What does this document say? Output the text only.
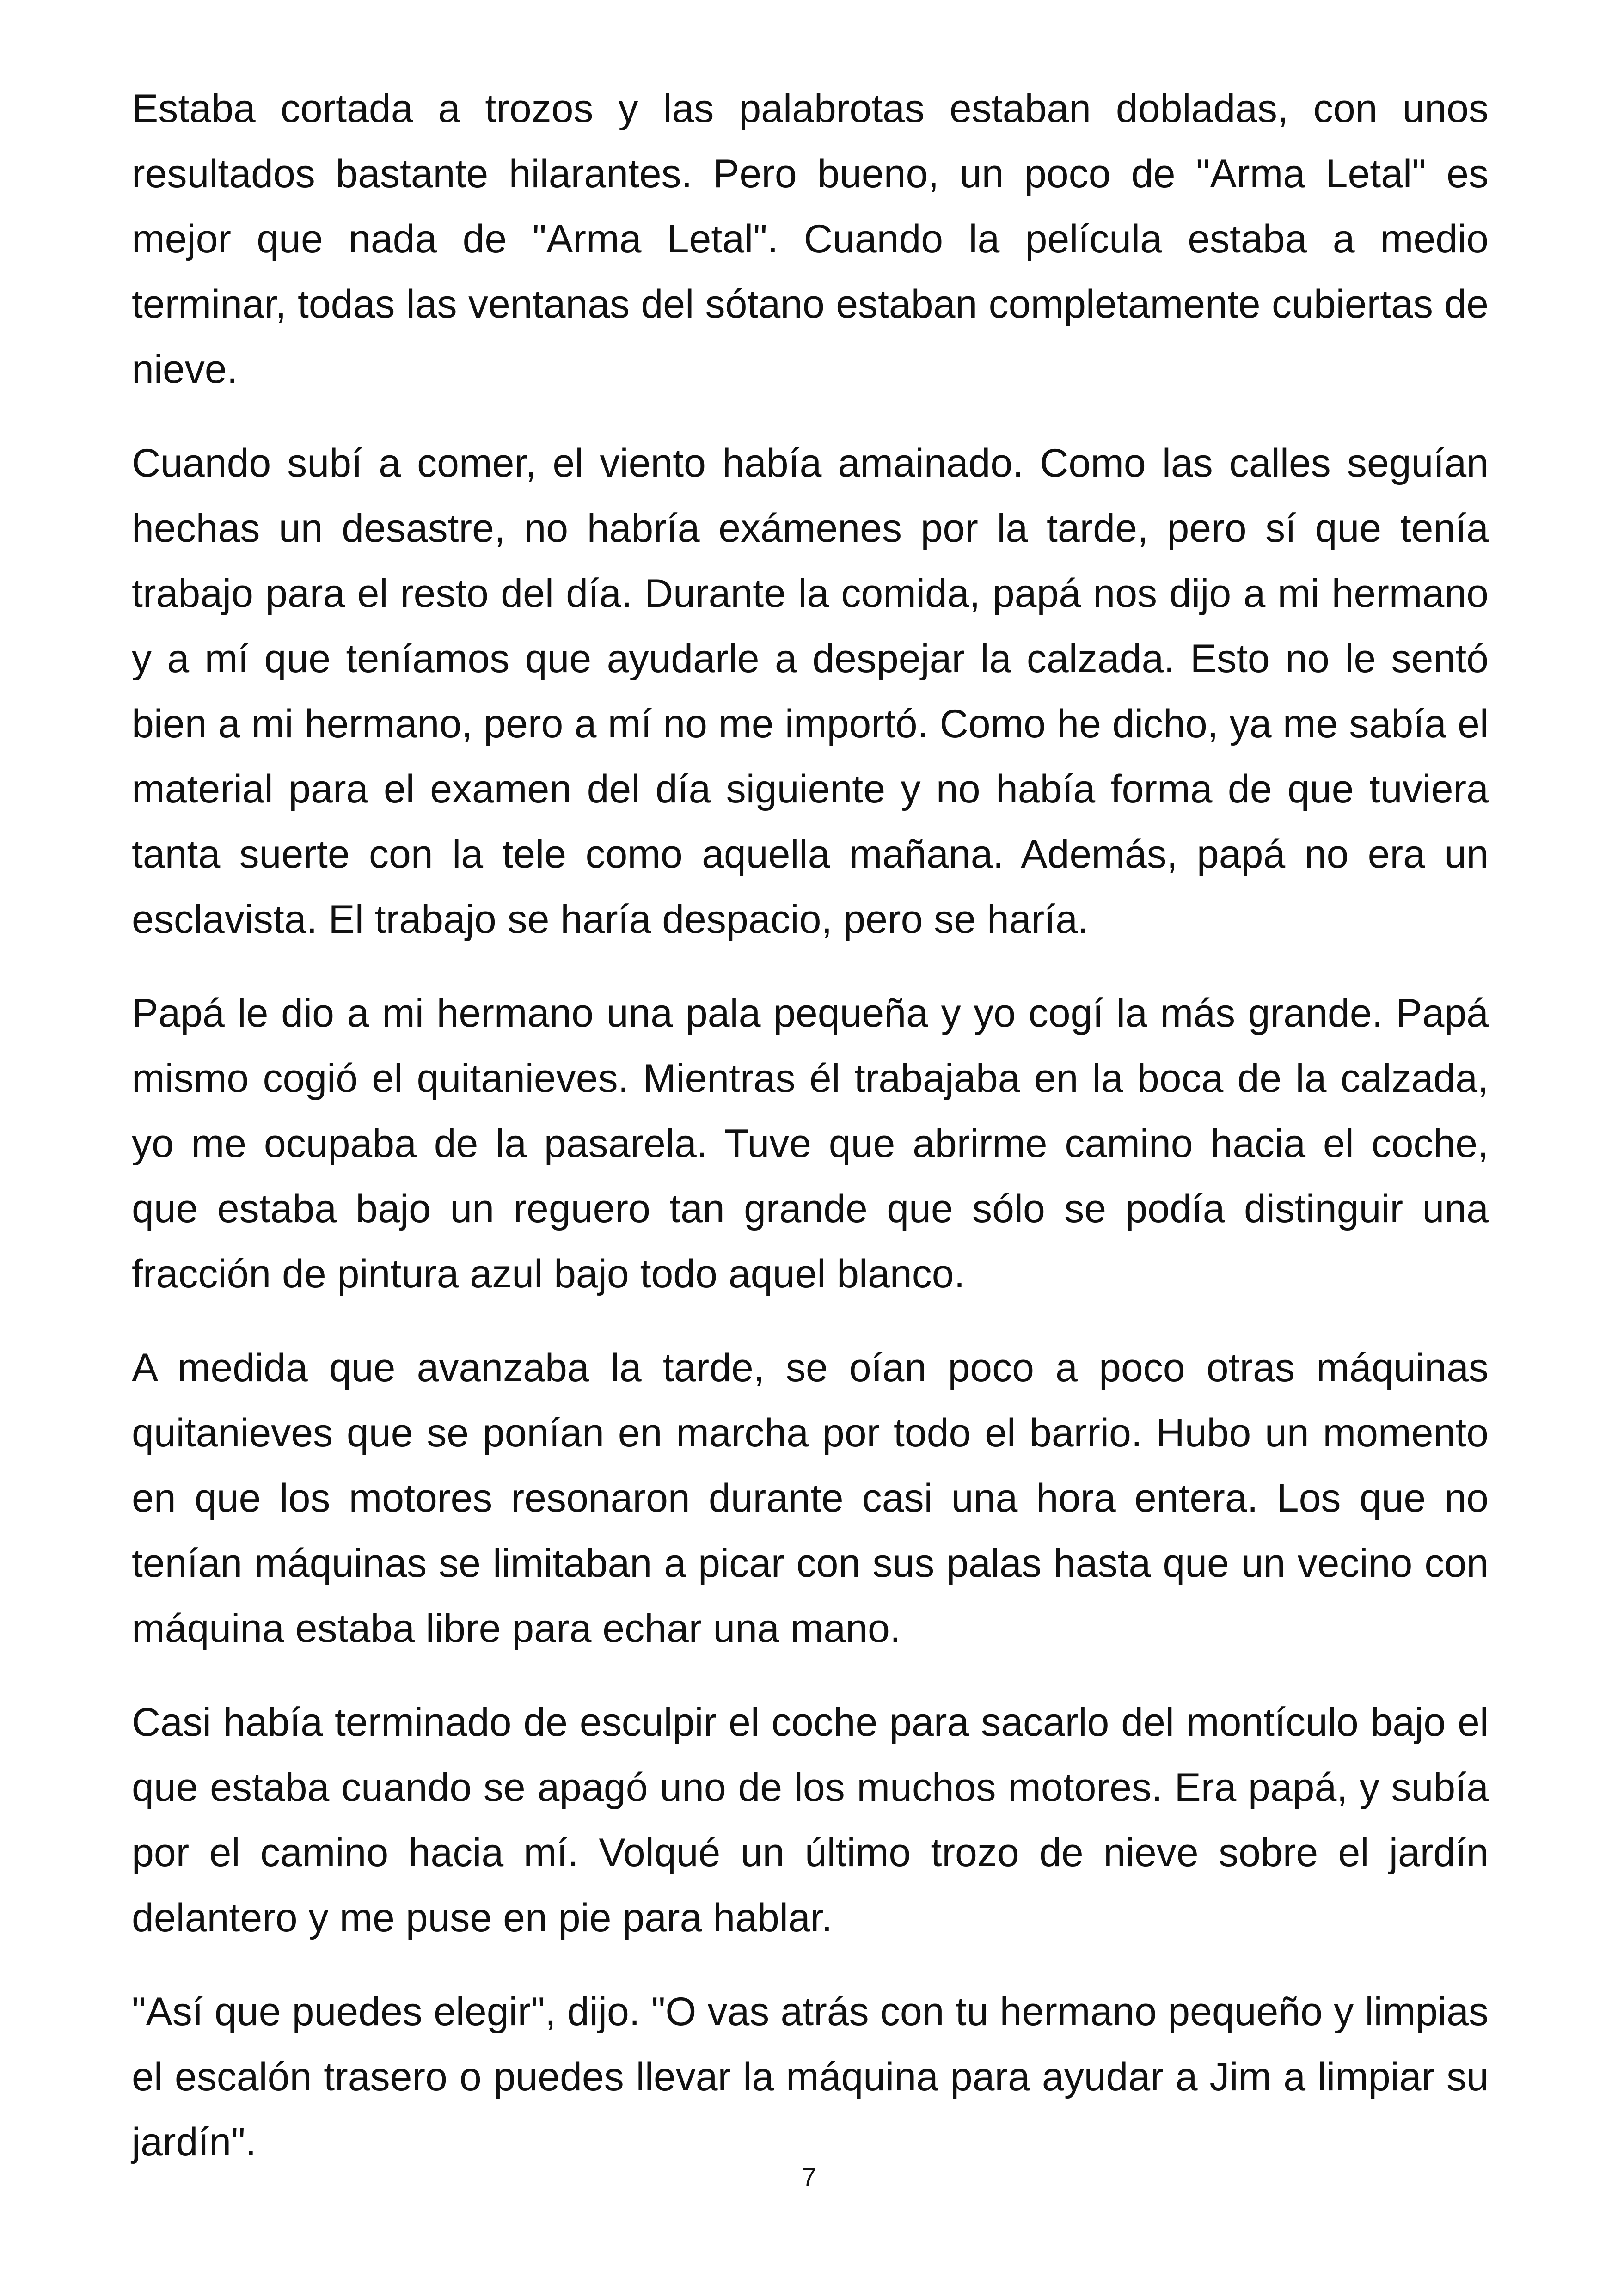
Estaba cortada a trozos y las palabrotas estaban dobladas, con unos resultados bastante hilarantes. Pero bueno, un poco de "Arma Letal" es mejor que nada de "Arma Letal". Cuando la película estaba a medio terminar, todas las ventanas del sótano estaban completamente cubiertas de nieve.

Cuando subí a comer, el viento había amainado. Como las calles seguían hechas un desastre, no habría exámenes por la tarde, pero sí que tenía trabajo para el resto del día. Durante la comida, papá nos dijo a mi hermano y a mí que teníamos que ayudarle a despejar la calzada. Esto no le sentó bien a mi hermano, pero a mí no me importó. Como he dicho, ya me sabía el material para el examen del día siguiente y no había forma de que tuviera tanta suerte con la tele como aquella mañana. Además, papá no era un esclavista. El trabajo se haría despacio, pero se haría.

Papá le dio a mi hermano una pala pequeña y yo cogí la más grande. Papá mismo cogió el quitanieves. Mientras él trabajaba en la boca de la calzada, yo me ocupaba de la pasarela. Tuve que abrirme camino hacia el coche, que estaba bajo un reguero tan grande que sólo se podía distinguir una fracción de pintura azul bajo todo aquel blanco.

A medida que avanzaba la tarde, se oían poco a poco otras máquinas quitanieves que se ponían en marcha por todo el barrio. Hubo un momento en que los motores resonaron durante casi una hora entera. Los que no tenían máquinas se limitaban a picar con sus palas hasta que un vecino con máquina estaba libre para echar una mano.

Casi había terminado de esculpir el coche para sacarlo del montículo bajo el que estaba cuando se apagó uno de los muchos motores. Era papá, y subía por el camino hacia mí. Volqué un último trozo de nieve sobre el jardín delantero y me puse en pie para hablar.

"Así que puedes elegir", dijo. "O vas atrás con tu hermano pequeño y limpias el escalón trasero o puedes llevar la máquina para ayudar a Jim a limpiar su jardín".

7
